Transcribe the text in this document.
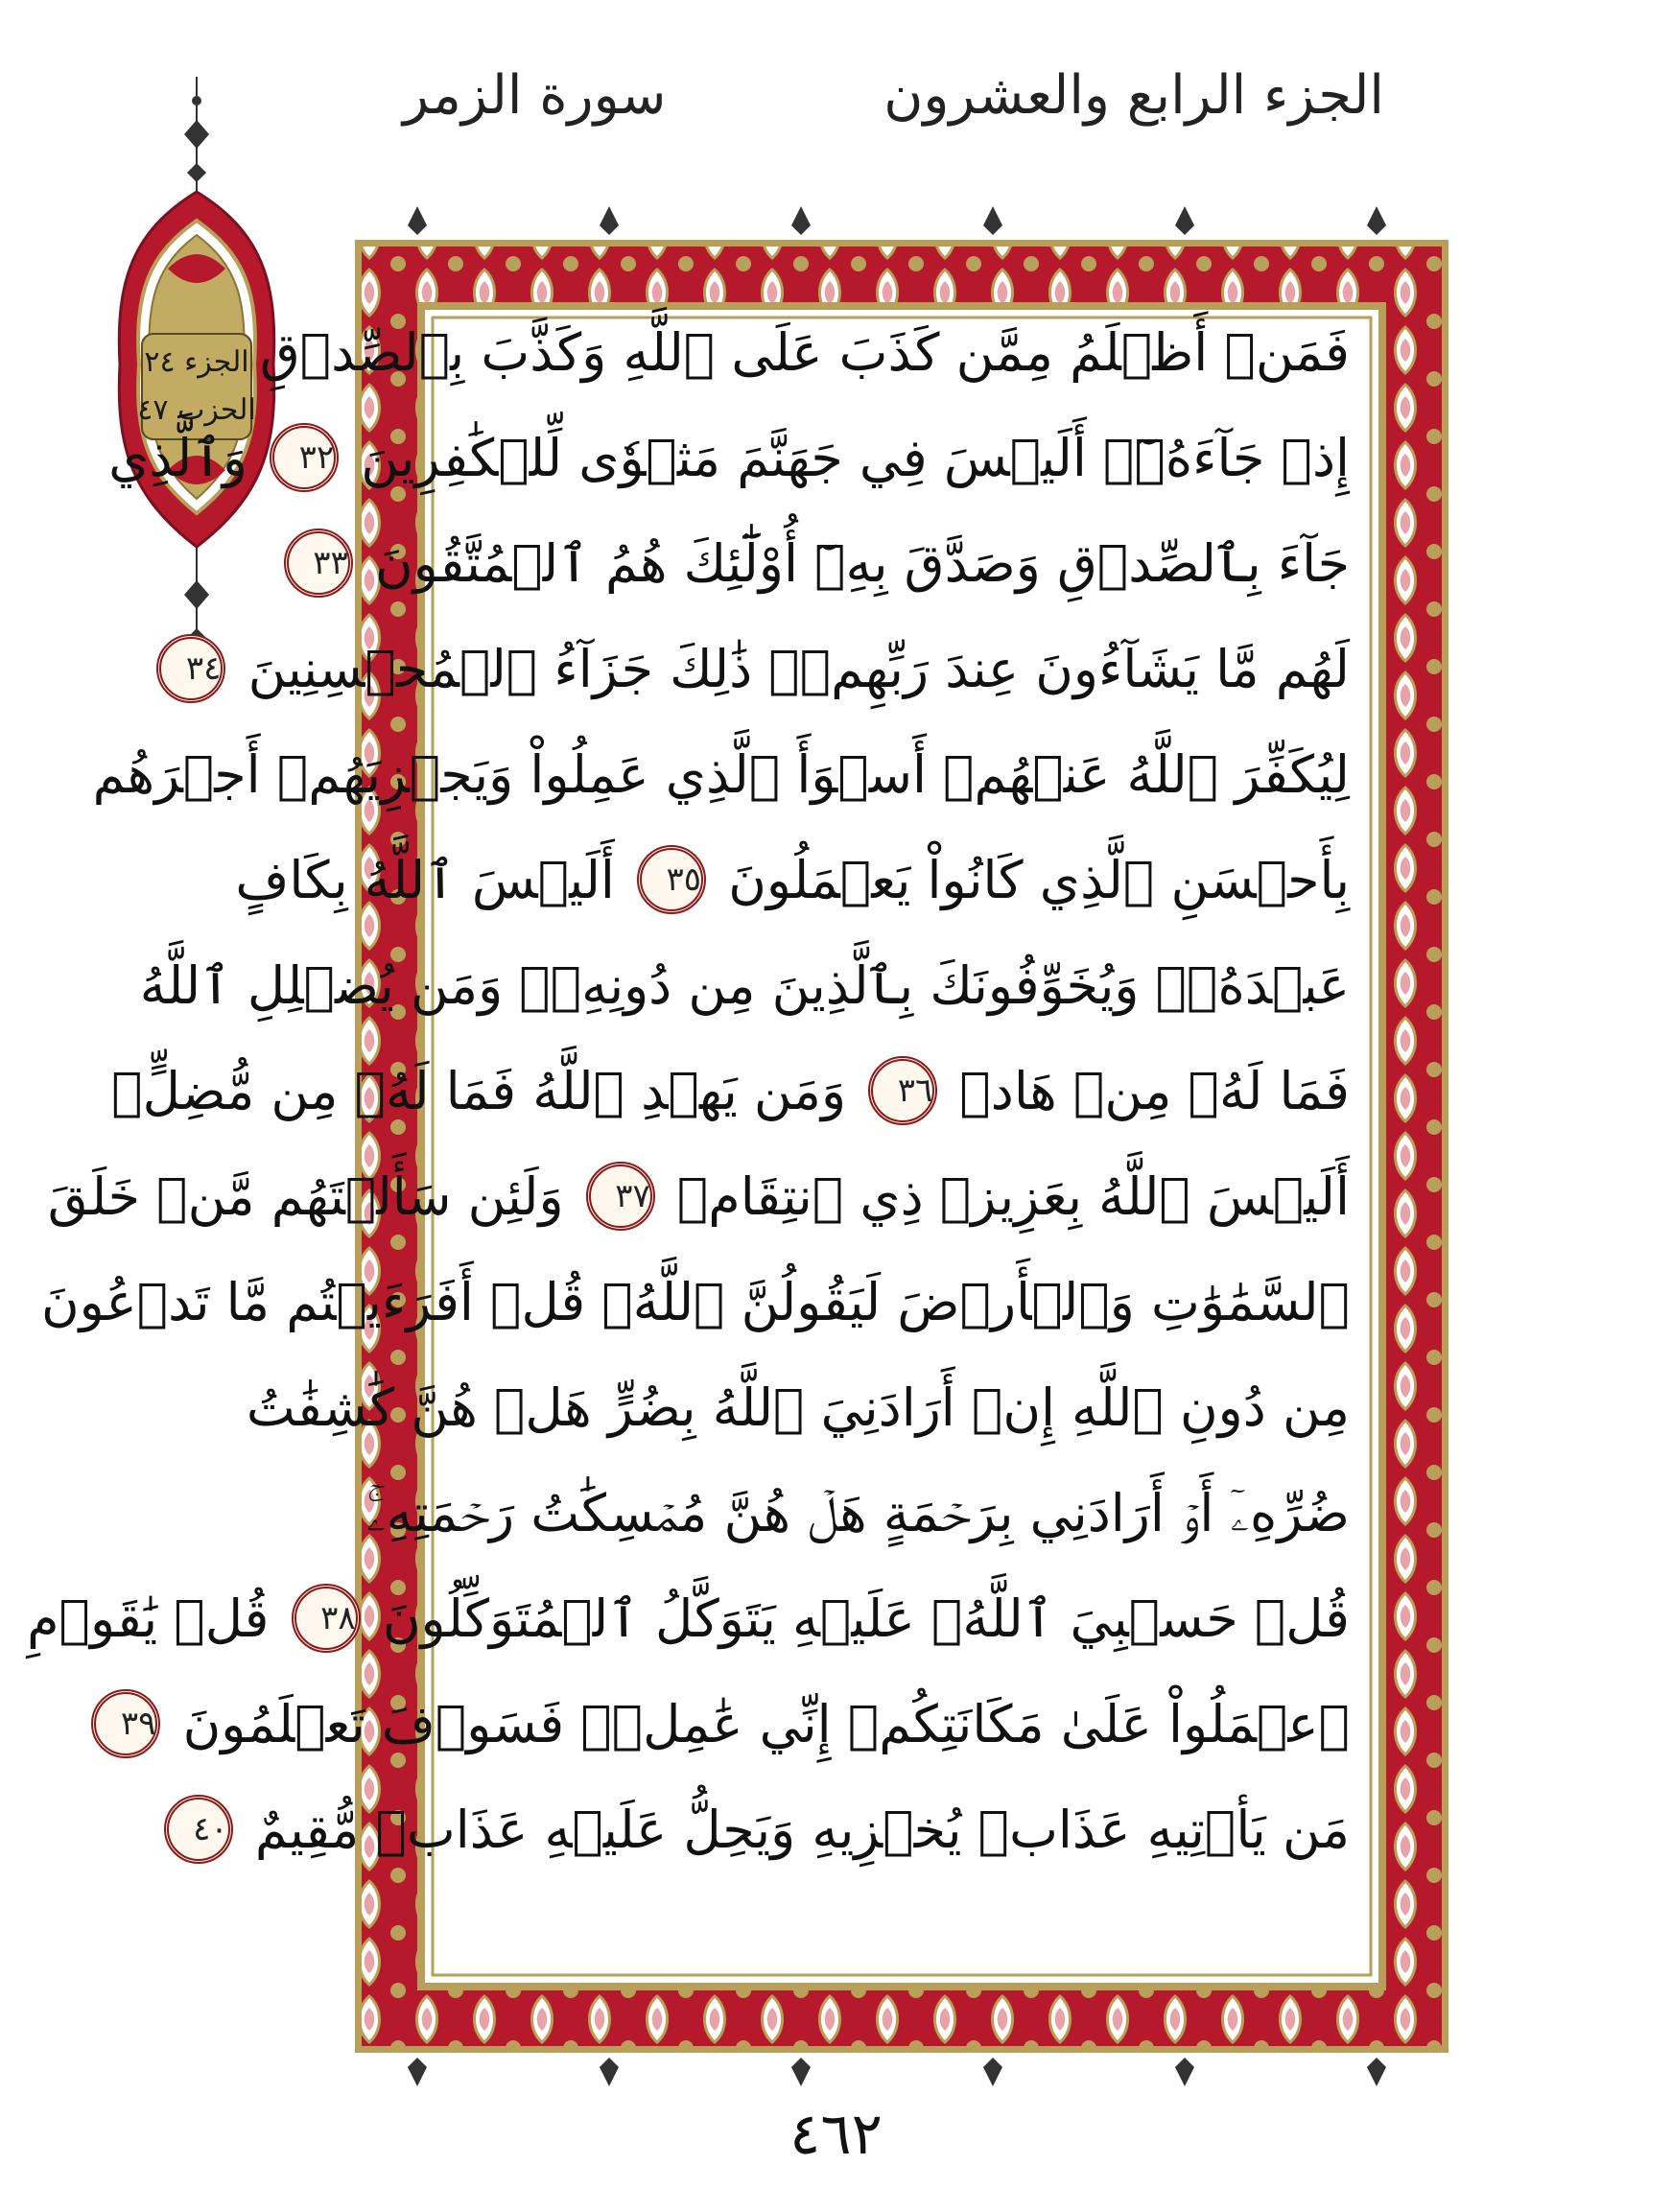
الجزء الرابع والعشرون
سورة الزمر
الجزء ٢٤
الحزب ٤٧
فَمَنۡ أَظۡلَمُ مِمَّن كَذَبَ عَلَى ٱللَّهِ وَكَذَّبَ بِٱلصِّدۡقِ
إِذۡ جَآءَهُۥٓۚ أَلَيۡسَ فِي جَهَنَّمَ مَثۡوٗى لِّلۡكَٰفِرِينَ ٣٢ وَٱلَّذِي
جَآءَ بِٱلصِّدۡقِ وَصَدَّقَ بِهِۦٓ أُوْلَٰٓئِكَ هُمُ ٱلۡمُتَّقُونَ ٣٣
لَهُم مَّا يَشَآءُونَ عِندَ رَبِّهِمۡۚ ذَٰلِكَ جَزَآءُ ٱلۡمُحۡسِنِينَ ٣٤
لِيُكَفِّرَ ٱللَّهُ عَنۡهُمۡ أَسۡوَأَ ٱلَّذِي عَمِلُواْ وَيَجۡزِيَهُمۡ أَجۡرَهُم
بِأَحۡسَنِ ٱلَّذِي كَانُواْ يَعۡمَلُونَ ٣٥ أَلَيۡسَ ٱللَّهُ بِكَافٍ
عَبۡدَهُۥۖ وَيُخَوِّفُونَكَ بِٱلَّذِينَ مِن دُونِهِۦۚ وَمَن يُضۡلِلِ ٱللَّهُ
فَمَا لَهُۥ مِنۡ هَادٖ ٣٦ وَمَن يَهۡدِ ٱللَّهُ فَمَا لَهُۥ مِن مُّضِلٍّۗ
أَلَيۡسَ ٱللَّهُ بِعَزِيزٖ ذِي ٱنتِقَامٖ ٣٧ وَلَئِن سَأَلۡتَهُم مَّنۡ خَلَقَ
ٱلسَّمَٰوَٰتِ وَٱلۡأَرۡضَ لَيَقُولُنَّ ٱللَّهُۚ قُلۡ أَفَرَءَيۡتُم مَّا تَدۡعُونَ
مِن دُونِ ٱللَّهِ إِنۡ أَرَادَنِيَ ٱللَّهُ بِضُرٍّ هَلۡ هُنَّ كَٰشِفَٰتُ
ضُرِّهِۦٓ أَوۡ أَرَادَنِي بِرَحۡمَةٍ هَلۡ هُنَّ مُمۡسِكَٰتُ رَحۡمَتِهِۦۚ
قُلۡ حَسۡبِيَ ٱللَّهُۖ عَلَيۡهِ يَتَوَكَّلُ ٱلۡمُتَوَكِّلُونَ ٣٨ قُلۡ يَٰقَوۡمِ
ٱعۡمَلُواْ عَلَىٰ مَكَانَتِكُمۡ إِنِّي عَٰمِلٞۖ فَسَوۡفَ تَعۡلَمُونَ ٣٩
مَن يَأۡتِيهِ عَذَابٞ يُخۡزِيهِ وَيَحِلُّ عَلَيۡهِ عَذَابٞ مُّقِيمٌ ٤٠
٤٦٢
